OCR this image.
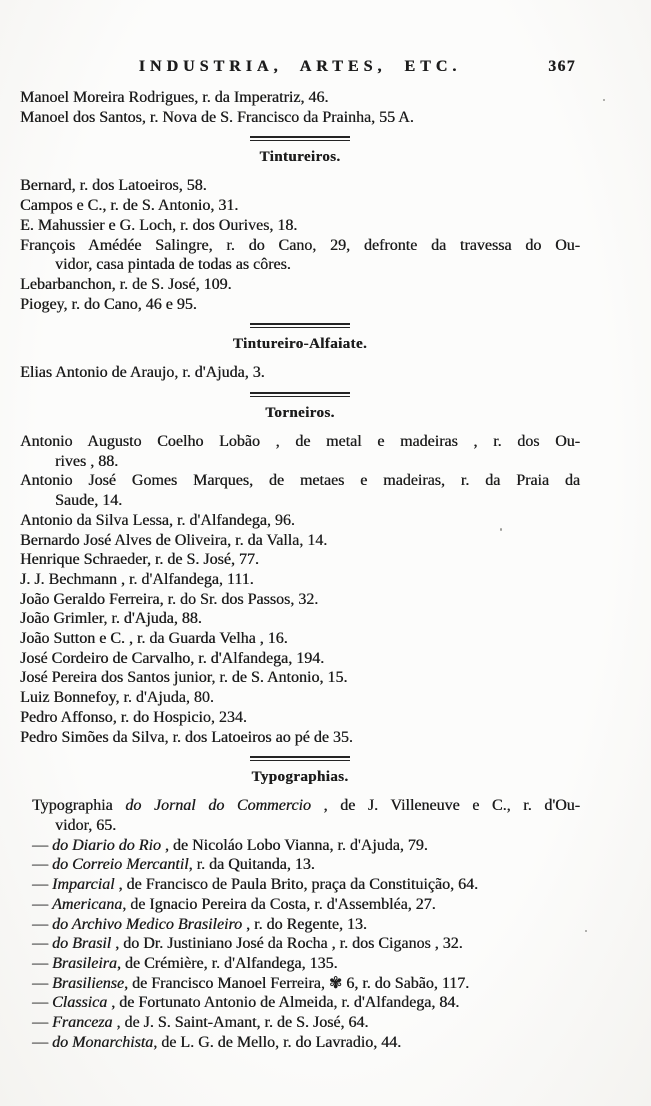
INDUSTRIA, ARTES, ETC.	367
Manoel Moreira Rodrigues, r. da Imperatriz, 46.
Manoel dos Santos, r. Nova de S. Francisco da Prainha, 55 A.
Tintureiros.
Bernard, r. dos Latoeiros, 58.
Campos e C., r. de S. Antonio, 31.
E. Mahussier e G. Loch, r. dos Ourives, 18.
François Amédée Salingre, r. do Cano, 29, defronte da travessa do Ou-
vidor, casa pintada de todas as côres.
Lebarbanchon, r. de S. José, 109.
Piogey, r. do Cano, 46 e 95.
Tintureiro-Alfaiate.
Elias Antonio de Araujo, r. d'Ajuda, 3.
Torneiros.
Antonio Augusto Coelho Lobão , de metal e madeiras , r. dos Ou-
rives , 88.
Antonio José Gomes Marques, de metaes e madeiras, r. da Praia da
Saude, 14.
Antonio da Silva Lessa, r. d'Alfandega, 96.
Bernardo José Alves de Oliveira, r. da Valla, 14.
Henrique Schraeder, r. de S. José, 77.
J. J. Bechmann , r. d'Alfandega, 111.
João Geraldo Ferreira, r. do Sr. dos Passos, 32.
João Grimler, r. d'Ajuda, 88.
João Sutton e C. , r. da Guarda Velha , 16.
José Cordeiro de Carvalho, r. d'Alfandega, 194.
José Pereira dos Santos junior, r. de S. Antonio, 15.
Luiz Bonnefoy, r. d'Ajuda, 80.
Pedro Affonso, r. do Hospicio, 234.
Pedro Simões da Silva, r. dos Latoeiros ao pé de 35.
Typographias.
Typographia do Jornal do Commercio , de J. Villeneuve e C., r. d'Ou-
vidor, 65.
— do Diario do Rio , de Nicoláo Lobo Vianna, r. d'Ajuda, 79.
— do Correio Mercantil, r. da Quitanda, 13.
— Imparcial , de Francisco de Paula Brito, praça da Constituição, 64.
— Americana, de Ignacio Pereira da Costa, r. d'Assembléa, 27.
— do Archivo Medico Brasileiro , r. do Regente, 13.
— do Brasil , do Dr. Justiniano José da Rocha , r. dos Ciganos , 32.
— Brasileira, de Crémière, r. d'Alfandega, 135.
— Brasiliense, de Francisco Manoel Ferreira, ✾ 6, r. do Sabão, 117.
— Classica , de Fortunato Antonio de Almeida, r. d'Alfandega, 84.
— Franceza , de J. S. Saint-Amant, r. de S. José, 64.
— do Monarchista, de L. G. de Mello, r. do Lavradio, 44.
